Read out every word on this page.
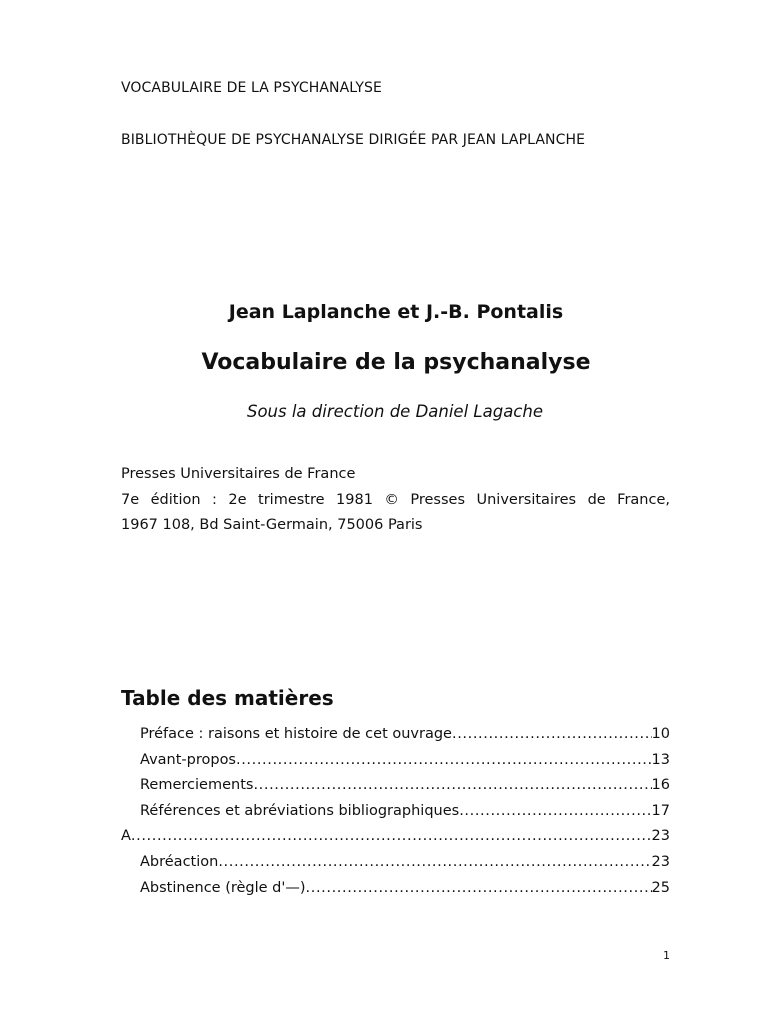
VOCABULAIRE DE LA PSYCHANALYSE
BIBLIOTHÈQUE DE PSYCHANALYSE DIRIGÉE PAR JEAN LAPLANCHE
Jean Laplanche et J.-B. Pontalis
Vocabulaire de la psychanalyse
Sous la direction de Daniel Lagache
Presses Universitaires de France
7e édition : 2e trimestre 1981 © Presses Universitaires de France,
1967 108, Bd Saint-Germain, 75006 Paris
Table des matières
Préface : raisons et histoire de cet ouvrage .....	10
Avant-propos .....	13
Remerciements .....	16
Références et abréviations bibliographiques .....	17
A .....	23
Abréaction .....	23
Abstinence (règle d'—) .....	25
1
